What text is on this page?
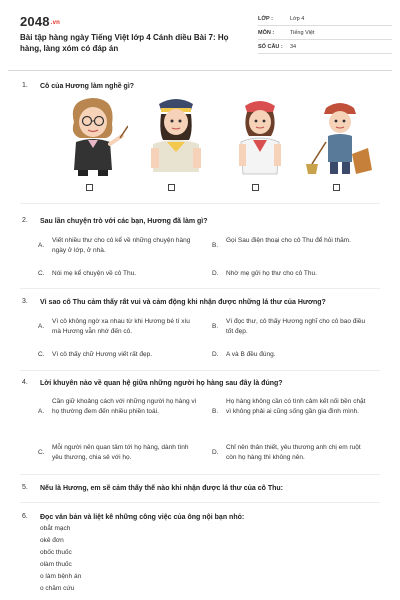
2048.vn
Bài tập hàng ngày Tiếng Việt lớp 4 Cánh diều Bài 7: Họ hàng, làng xóm có đáp án
LỚP :	Lớp 4
MÔN :	Tiếng Việt
SỐ CÂU :	34
1.	Cô của Hương làm nghề gì?
2.	Sau lần chuyện trò với các bạn, Hương đã làm gì?
A.
Viết nhiều thư cho cô kể về những chuyện hàng ngày ở lớp, ở nhà.
B.
Gọi Sau điện thoại cho cô Thu để hỏi thăm.
C. Nói mẹ kể chuyện về cô Thu.	D. Nhờ mẹ gửi họ thư cho cô Thu.
3.	Vì sao cô Thu cảm thấy rất vui và cảm động khi nhận được những lá thư của Hương?
A.
Vì cô không ngờ xa nhau từ khi Hương bé tí xíu mà Hương vẫn nhớ đến cô.
B.
Vì đọc thư, cô thấy Hương nghĩ cho cô bao điều tốt đẹp.
C. Vì cô thấy chữ Hương viết rất đẹp.	D. A và B đều đúng.
4.	Lời khuyên nào về quan hệ giữa những người họ hàng sau đây là đúng?
A.
Cần giữ khoảng cách với những người họ hàng vì họ thường đem đến nhiều phiền toái.	B.
Họ hàng không cần có tình cảm kết nối bền chặt vì không phải ai cũng sống gần gia đình mình.
C.
Mỗi người nên quan tâm tới họ hàng, dành tình yêu thương, chia sẻ với họ.
D.
Chỉ nên thân thiết, yêu thương anh chị em ruột còn họ hàng thì không nên.
5.	Nếu là Hương, em sẽ cảm thấy thế nào khi nhận được lá thư của cô Thu:
6.	Đọc văn bản và liệt kê những công việc của ông nội bạn nhỏ:
obắt mạch
okê đơn
obốc thuốc
olàm thuốc
o làm bệnh án
o chăm cứu
